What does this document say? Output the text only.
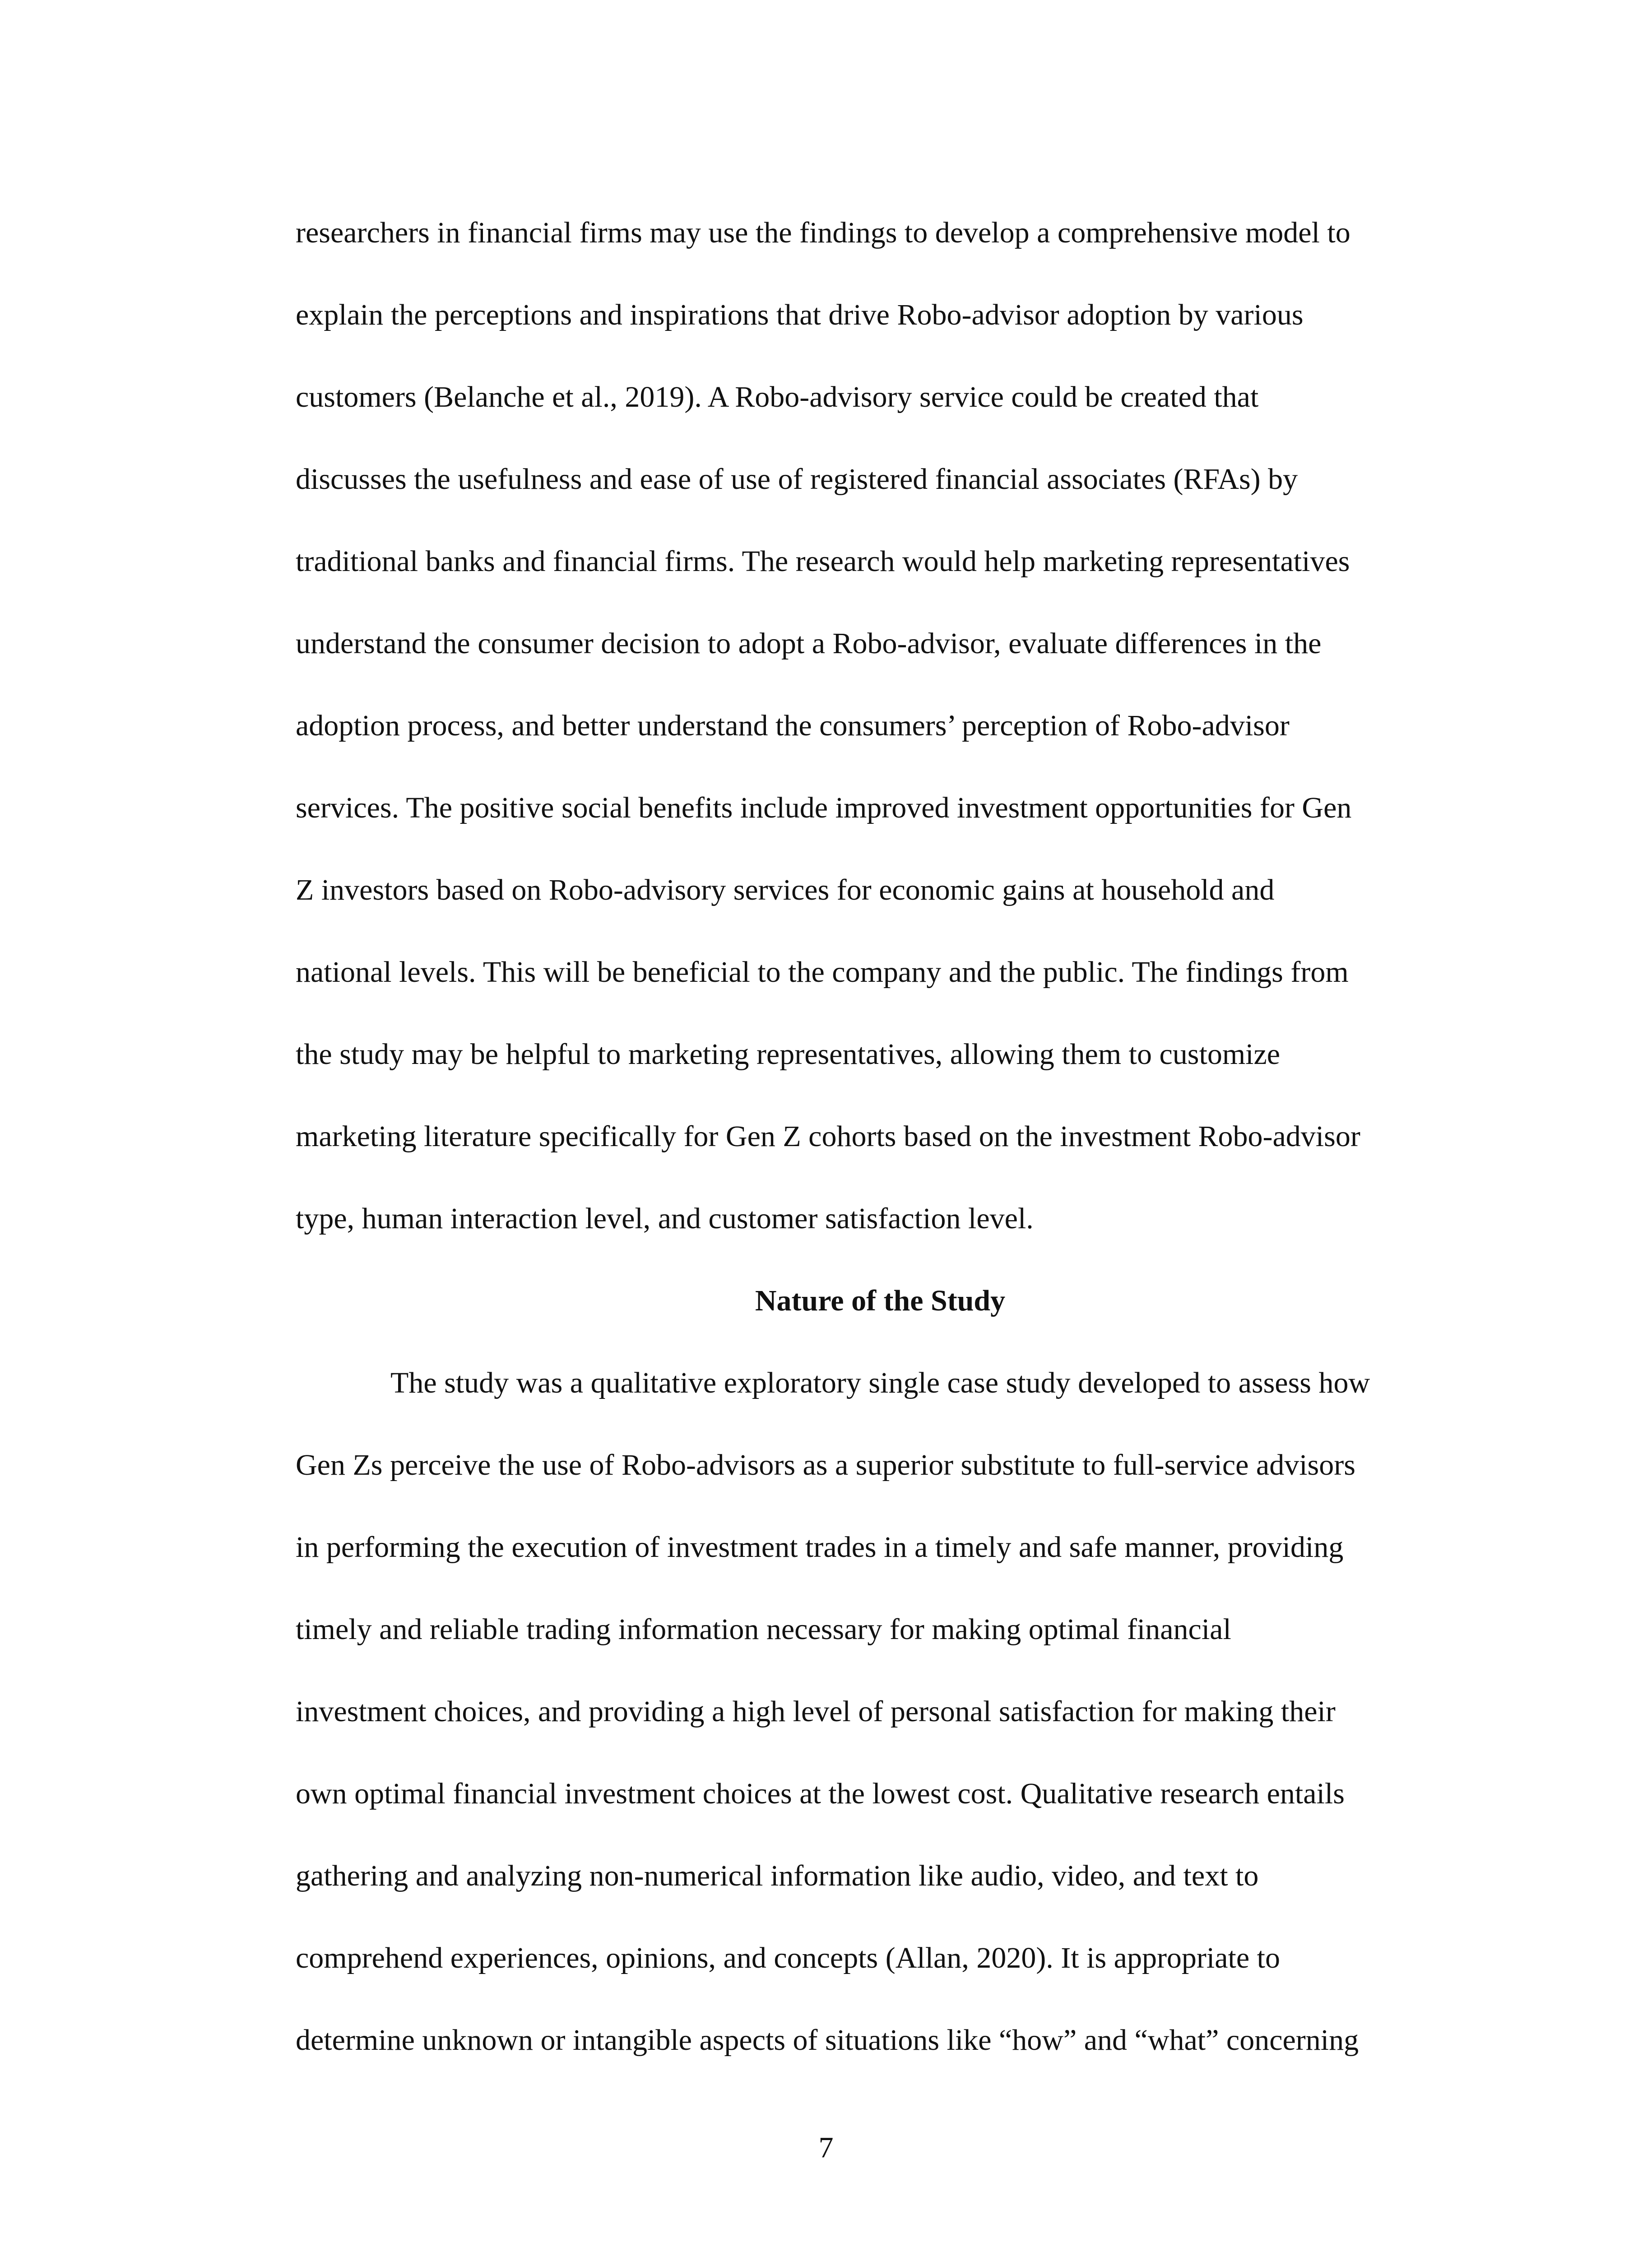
researchers in financial firms may use the findings to develop a comprehensive model to
explain the perceptions and inspirations that drive Robo-advisor adoption by various
customers (Belanche et al., 2019). A Robo-advisory service could be created that
discusses the usefulness and ease of use of registered financial associates (RFAs) by
traditional banks and financial firms. The research would help marketing representatives
understand the consumer decision to adopt a Robo-advisor, evaluate differences in the
adoption process, and better understand the consumers’ perception of Robo-advisor
services. The positive social benefits include improved investment opportunities for Gen
Z investors based on Robo-advisory services for economic gains at household and
national levels. This will be beneficial to the company and the public. The findings from
the study may be helpful to marketing representatives, allowing them to customize
marketing literature specifically for Gen Z cohorts based on the investment Robo-advisor
type, human interaction level, and customer satisfaction level.
Nature of the Study
The study was a qualitative exploratory single case study developed to assess how
Gen Zs perceive the use of Robo-advisors as a superior substitute to full-service advisors
in performing the execution of investment trades in a timely and safe manner, providing
timely and reliable trading information necessary for making optimal financial
investment choices, and providing a high level of personal satisfaction for making their
own optimal financial investment choices at the lowest cost. Qualitative research entails
gathering and analyzing non-numerical information like audio, video, and text to
comprehend experiences, opinions, and concepts (Allan, 2020). It is appropriate to
determine unknown or intangible aspects of situations like “how” and “what” concerning
7
